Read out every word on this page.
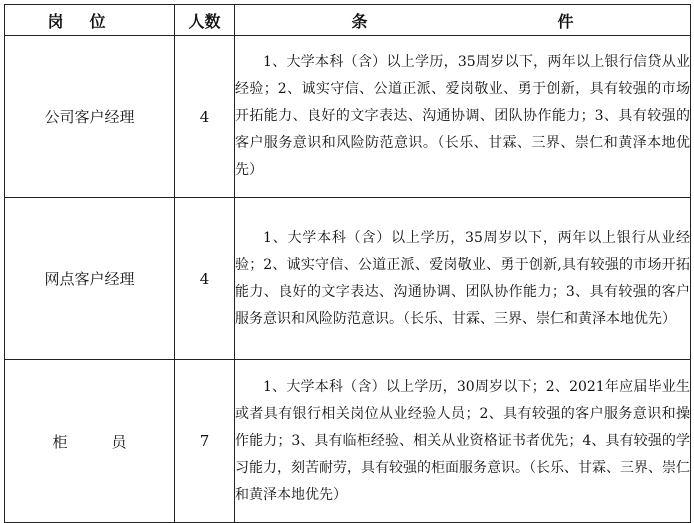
岗位	人数	条 件
公司客户经理	4	1、大学本科（含）以上学历，35周岁以下，两年以上银行信贷从业经验；2、诚实守信、公道正派、爱岗敬业、勇于创新，具有较强的市场开拓能力、良好的文字表达、沟通协调、团队协作能力；3、具有较强的客户服务意识和风险防范意识。（长乐、甘霖、三界、崇仁和黄泽本地优先）

网点客户经理	4	1、大学本科（含）以上学历，35周岁以下，两年以上银行从业经验；2、诚实守信、公道正派、爱岗敬业、勇于创新,具有较强的市场开拓能力、良好的文字表达、沟通协调、团队协作能力；3、具有较强的客户服务意识和风险防范意识。（长乐、甘霖、三界、崇仁和黄泽本地优先）

柜 员	7	1、大学本科（含）以上学历，30周岁以下；2、2021年应届毕业生或者具有银行相关岗位从业经验人员；2、具有较强的客户服务意识和操作能力；3、具有临柜经验、相关从业资格证书者优先；4、具有较强的学习能力，刻苦耐劳，具有较强的柜面服务意识。（长乐、甘霖、三界、崇仁和黄泽本地优先）
